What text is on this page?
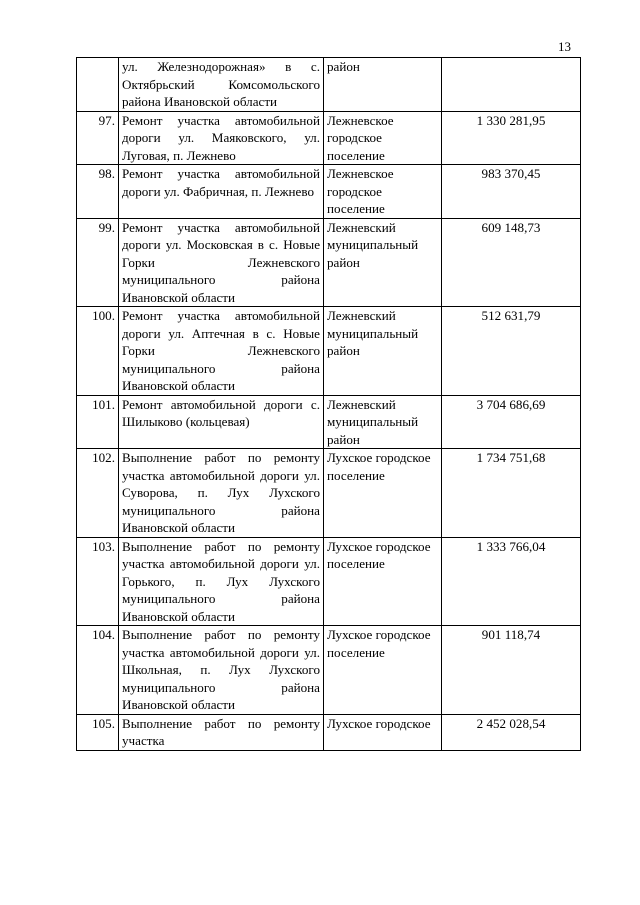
13
	ул. Железнодорожная» в с. Октябрьский Комсомольского района Ивановской области	район	
97.	Ремонт участка автомобильной дороги ул. Маяковского, ул. Луговая, п. Лежнево	Лежневское городское поселение	1 330 281,95
98.	Ремонт участка автомобильной дороги ул. Фабричная, п. Лежнево	Лежневское городское поселение	983 370,45
99.	Ремонт участка автомобильной дороги ул. Московская в с. Новые Горки Лежневского муниципального района Ивановской области	Лежневский муниципальный район	609 148,73
100.	Ремонт участка автомобильной дороги ул. Аптечная в с. Новые Горки Лежневского муниципального района Ивановской области	Лежневский муниципальный район	512 631,79
101.	Ремонт автомобильной дороги с. Шилыково (кольцевая)	Лежневский муниципальный район	3 704 686,69
102.	Выполнение работ по ремонту участка автомобильной дороги ул. Суворова, п. Лух Лухского муниципального района Ивановской области	Лухское городское поселение	1 734 751,68
103.	Выполнение работ по ремонту участка автомобильной дороги ул. Горького, п. Лух Лухского муниципального района Ивановской области	Лухское городское поселение	1 333 766,04
104.	Выполнение работ по ремонту участка автомобильной дороги ул. Школьная, п. Лух Лухского муниципального района Ивановской области	Лухское городское поселение	901 118,74
105.	Выполнение работ по ремонту участка	Лухское городское	2 452 028,54
